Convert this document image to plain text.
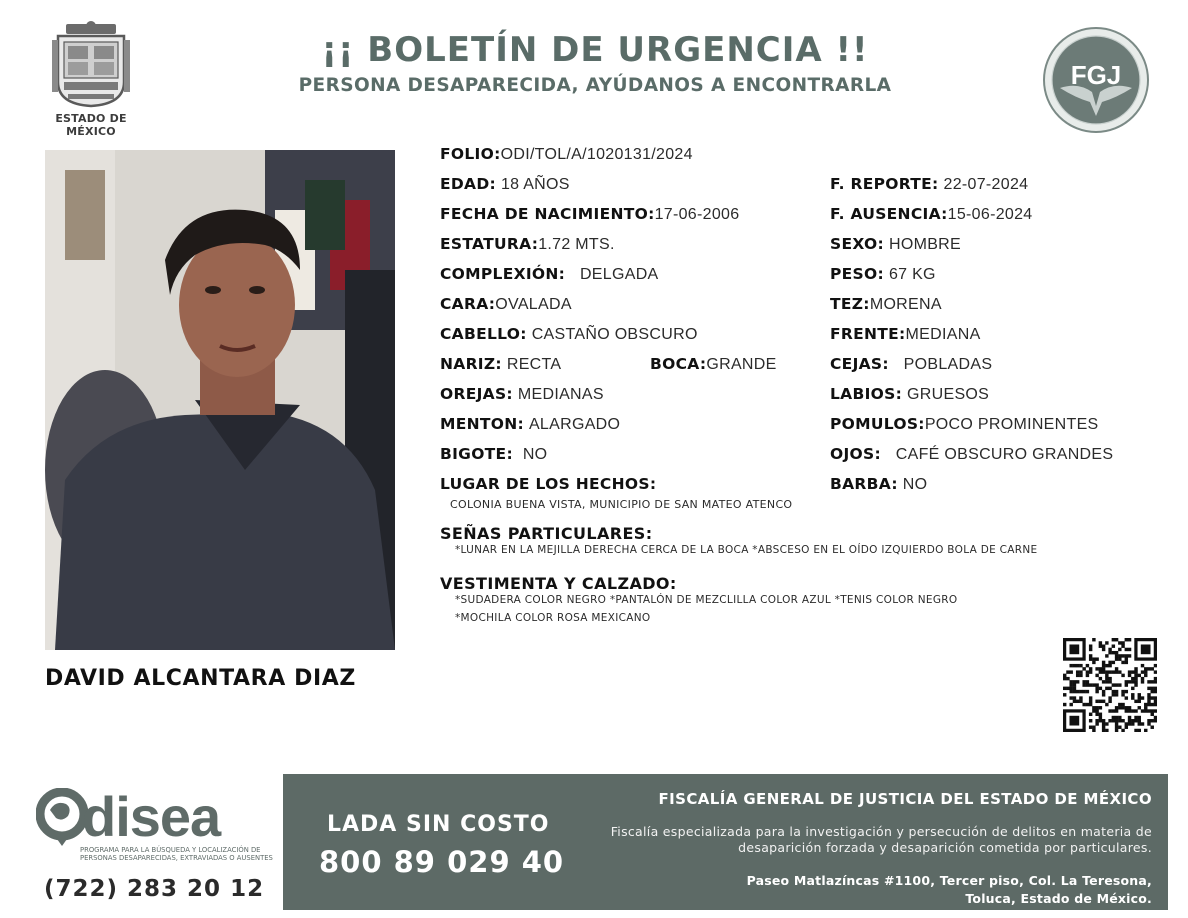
ESTADO DE MÉXICO
¡¡ BOLETÍN DE URGENCIA !!
PERSONA DESAPARECIDA, AYÚDANOS A ENCONTRARLA	FGJ
DAVID ALCANTARA DIAZ
FOLIO:ODI/TOL/A/1020131/2024
EDAD: 18 AÑOS	F. REPORTE: 22-07-2024
FECHA DE NACIMIENTO:17-06-2006	F. AUSENCIA:15-06-2024
ESTATURA:1.72 MTS.	SEXO: HOMBRE
COMPLEXIÓN: DELGADA	PESO: 67 KG
CARA:OVALADA	TEZ:MORENA
CABELLO: CASTAÑO OBSCURO	FRENTE:MEDIANA
NARIZ: RECTA	BOCA:GRANDE	CEJAS: POBLADAS
OREJAS: MEDIANAS	LABIOS: GRUESOS
MENTON: ALARGADO	POMULOS:POCO PROMINENTES
BIGOTE: NO	OJOS: CAFÉ OBSCURO GRANDES
LUGAR DE LOS HECHOS:	BARBA: NO
COLONIA BUENA VISTA, MUNICIPIO DE SAN MATEO ATENCO
SEÑAS PARTICULARES:
*LUNAR EN LA MEJILLA DERECHA CERCA DE LA BOCA *ABSCESO EN EL OÍDO IZQUIERDO BOLA DE CARNE
VESTIMENTA Y CALZADO:
*SUDADERA COLOR NEGRO *PANTALÓN DE MEZCLILLA COLOR AZUL *TENIS COLOR NEGRO
*MOCHILA COLOR ROSA MEXICANO
disea
PROGRAMA PARA LA BÚSQUEDA Y LOCALIZACIÓN DE PERSONAS DESAPARECIDAS, EXTRAVIADAS O AUSENTES
(722) 283 20 12
LADA SIN COSTO
800 89 029 40
FISCALÍA GENERAL DE JUSTICIA DEL ESTADO DE MÉXICO
Fiscalía especializada para la investigación y persecución de delitos en materia de desaparición forzada y desaparición cometida por particulares.
Paseo Matlazíncas #1100, Tercer piso, Col. La Teresona,
Toluca, Estado de México.
